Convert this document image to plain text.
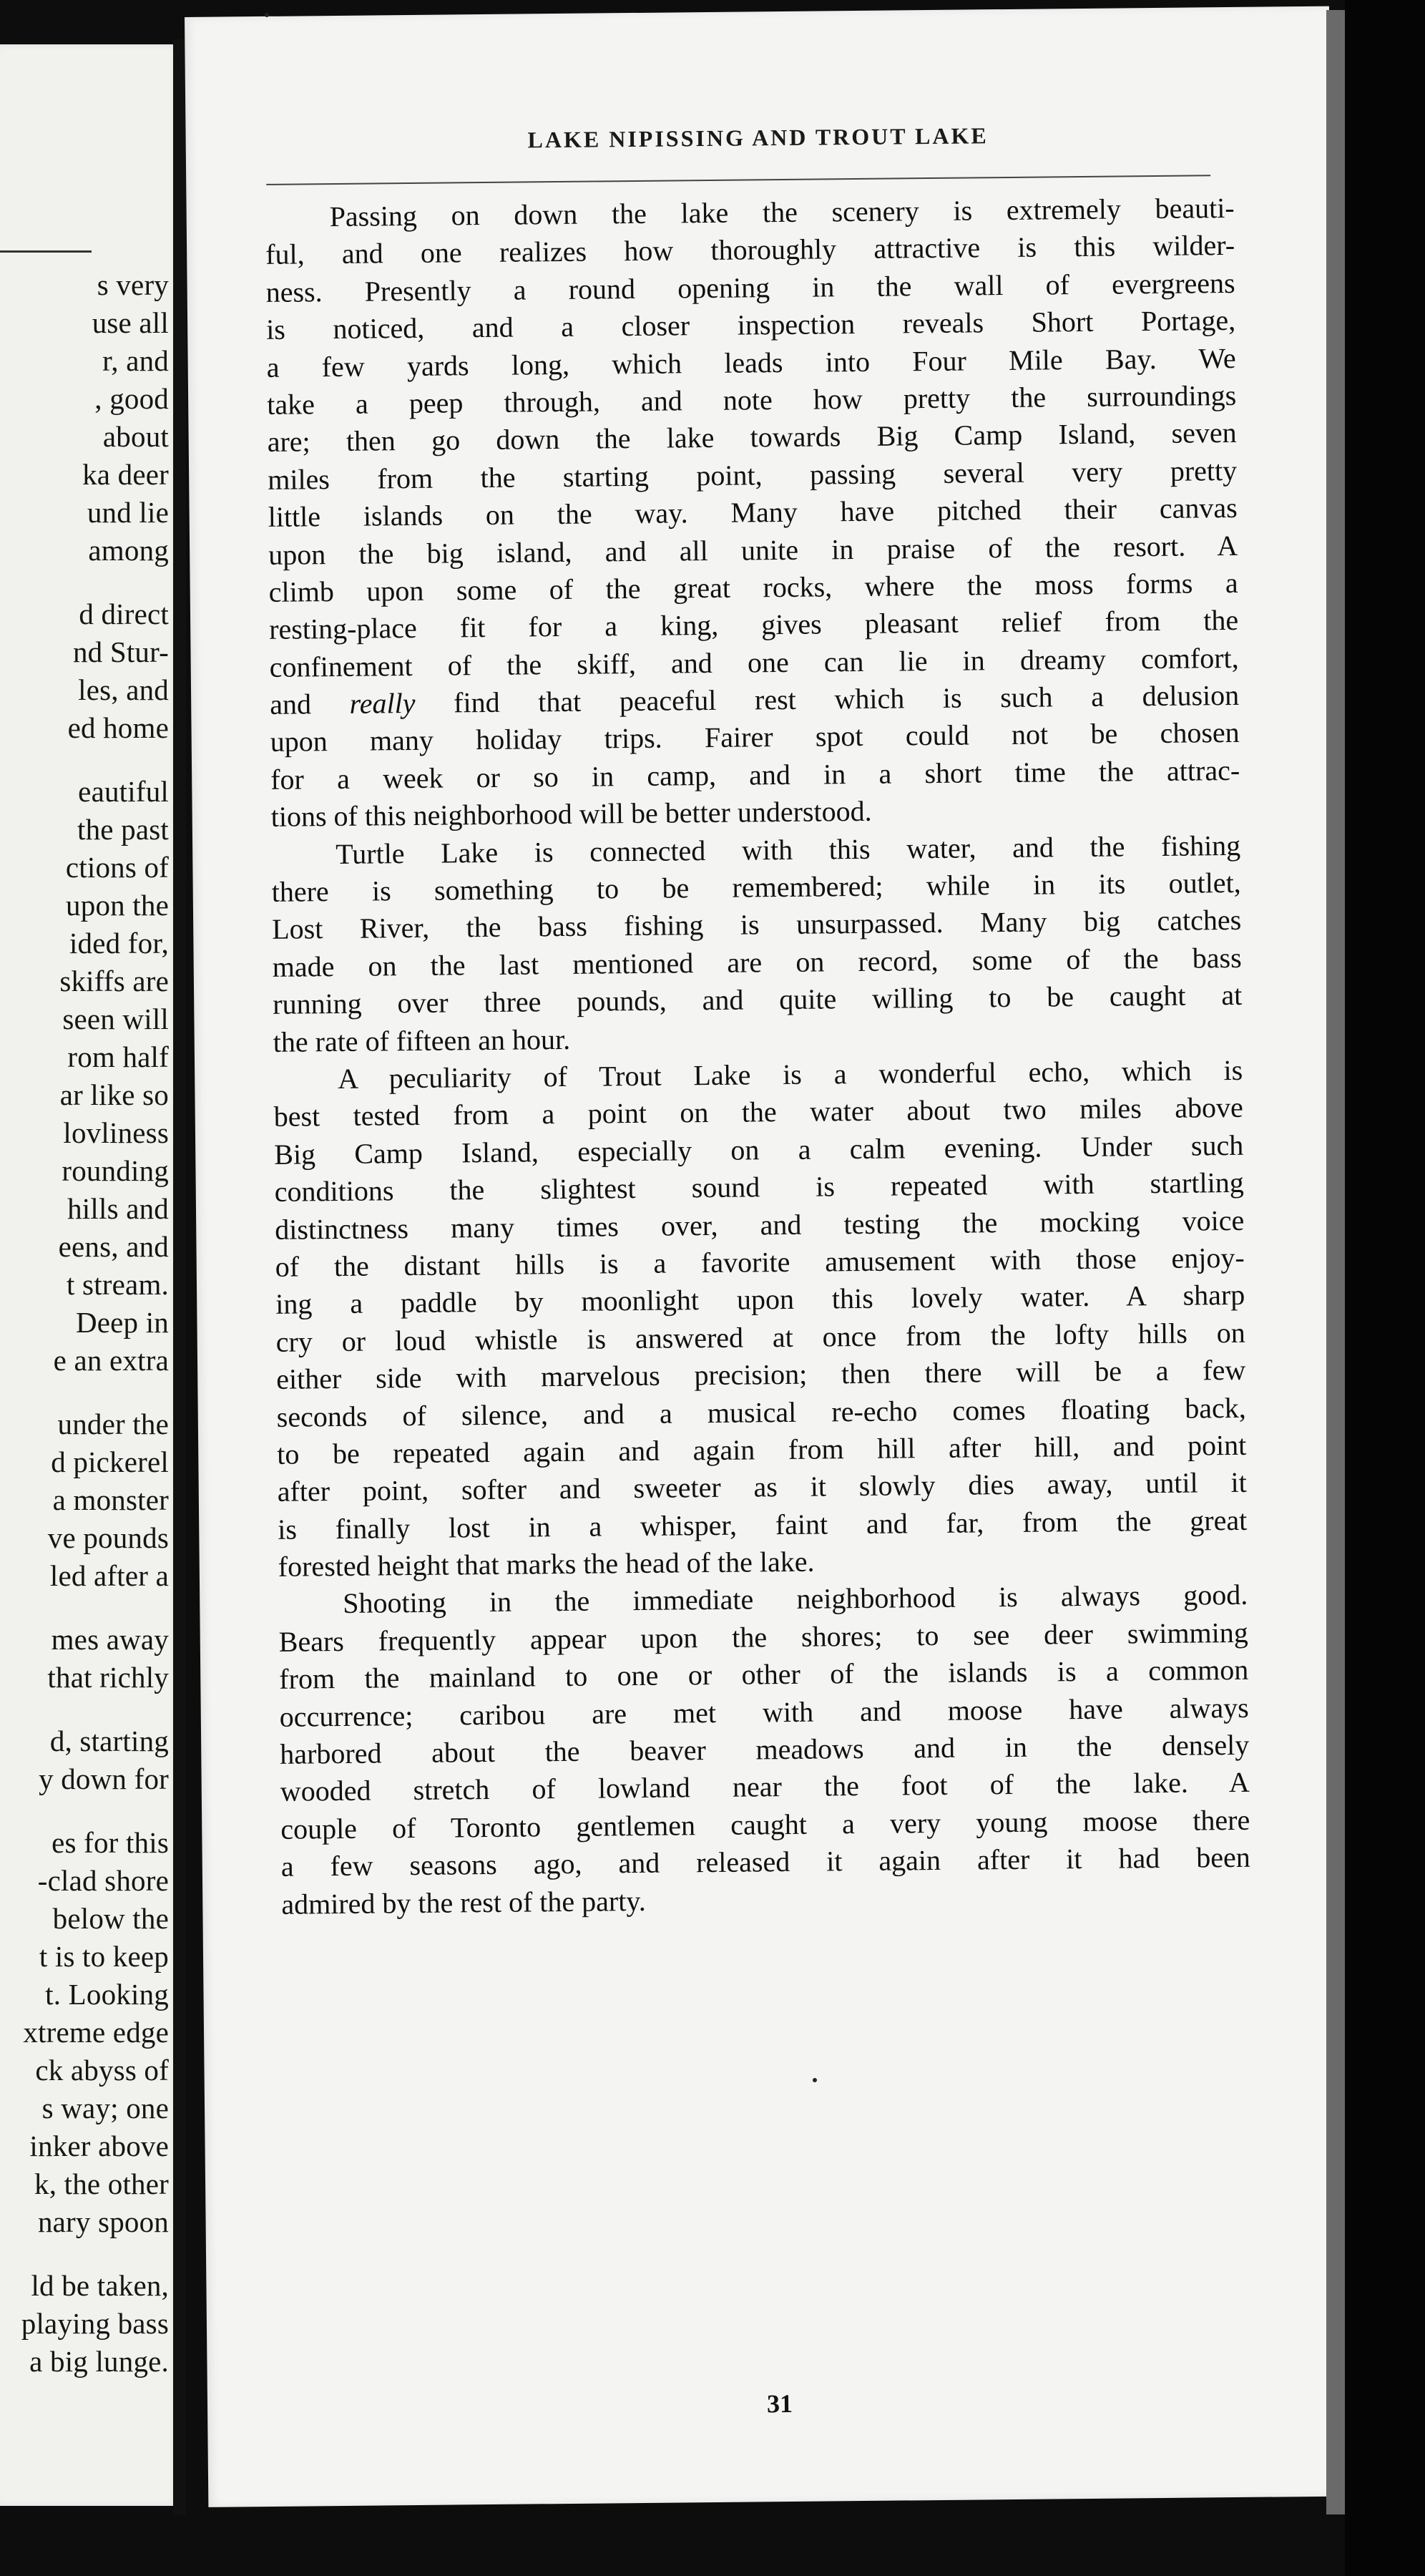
s very
use all
r, and
, good
about
ka deer
und lie
among
d direct
nd Stur-
les, and
ed home
eautiful
the past
ctions of
upon the
ided for,
skiffs are
seen will
rom half
ar like so
lovliness
rounding
hills and
eens, and
t stream.
Deep in
e an extra
under the
d pickerel
a monster
ve pounds
led after a
mes away
that richly
d, starting
y down for
es for this
-clad shore
below the
t is to keep
t. Looking
xtreme edge
ck abyss of
s way; one
inker above
k, the other
nary spoon
ld be taken,
playing bass
a big lunge.
LAKE NIPISSING AND TROUT LAKE
Passing on down the lake the scenery is extremely beauti-
ful, and one realizes how thoroughly attractive is this wilder-
ness. Presently a round opening in the wall of evergreens
is noticed, and a closer inspection reveals Short Portage,
a few yards long, which leads into Four Mile Bay. We
take a peep through, and note how pretty the surroundings
are; then go down the lake towards Big Camp Island, seven
miles from the starting point, passing several very pretty
little islands on the way. Many have pitched their canvas
upon the big island, and all unite in praise of the resort. A
climb upon some of the great rocks, where the moss forms a
resting-place fit for a king, gives pleasant relief from the
confinement of the skiff, and one can lie in dreamy comfort,
and really find that peaceful rest which is such a delusion
upon many holiday trips. Fairer spot could not be chosen
for a week or so in camp, and in a short time the attrac-
tions of this neighborhood will be better understood.
Turtle Lake is connected with this water, and the fishing
there is something to be remembered; while in its outlet,
Lost River, the bass fishing is unsurpassed. Many big catches
made on the last mentioned are on record, some of the bass
running over three pounds, and quite willing to be caught at
the rate of fifteen an hour.
A peculiarity of Trout Lake is a wonderful echo, which is
best tested from a point on the water about two miles above
Big Camp Island, especially on a calm evening. Under such
conditions the slightest sound is repeated with startling
distinctness many times over, and testing the mocking voice
of the distant hills is a favorite amusement with those enjoy-
ing a paddle by moonlight upon this lovely water. A sharp
cry or loud whistle is answered at once from the lofty hills on
either side with marvelous precision; then there will be a few
seconds of silence, and a musical re-echo comes floating back,
to be repeated again and again from hill after hill, and point
after point, softer and sweeter as it slowly dies away, until it
is finally lost in a whisper, faint and far, from the great
forested height that marks the head of the lake.
Shooting in the immediate neighborhood is always good.
Bears frequently appear upon the shores; to see deer swimming
from the mainland to one or other of the islands is a common
occurrence; caribou are met with and moose have always
harbored about the beaver meadows and in the densely
wooded stretch of lowland near the foot of the lake. A
couple of Toronto gentlemen caught a very young moose there
a few seasons ago, and released it again after it had been
admired by the rest of the party.
31
